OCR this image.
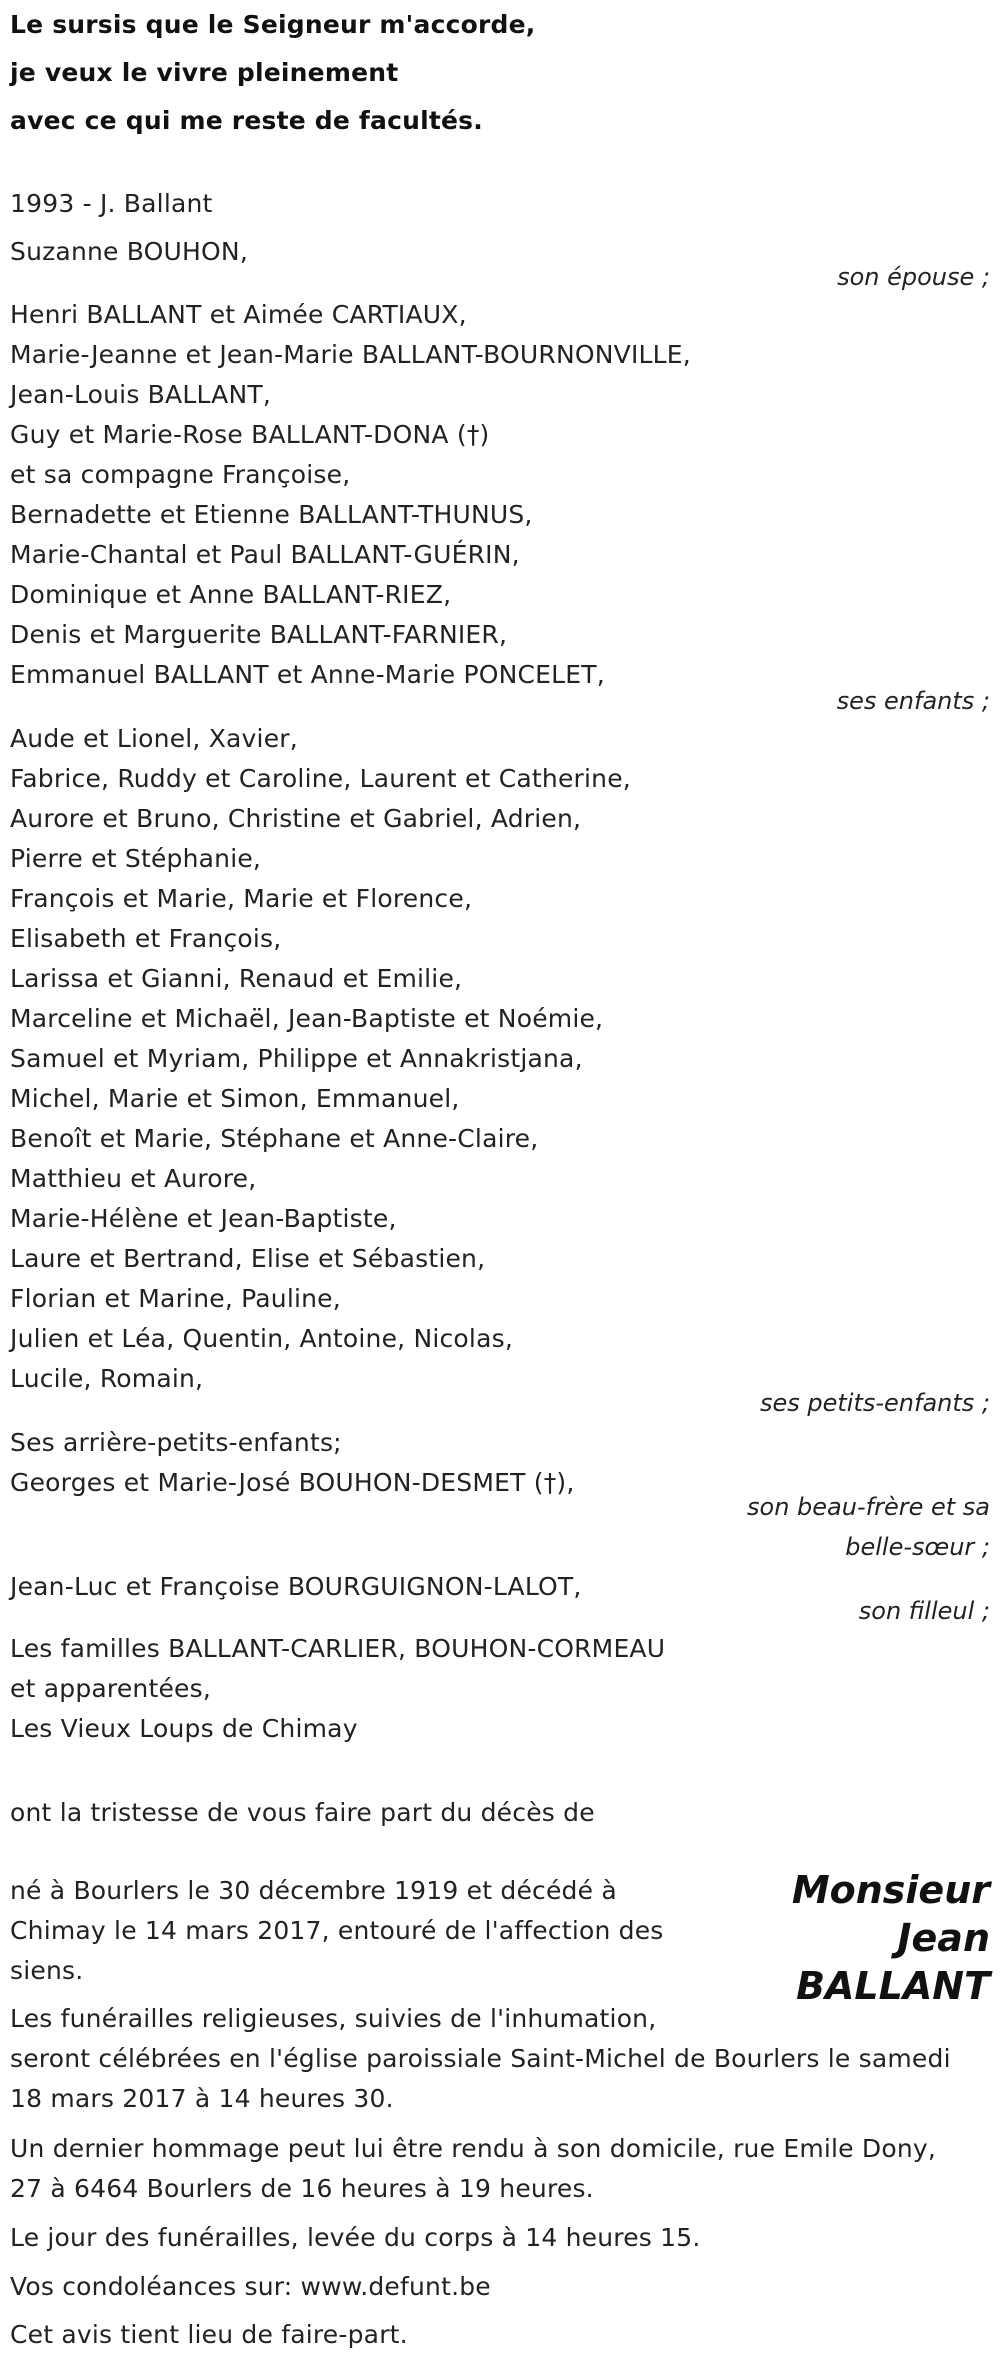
Le sursis que le Seigneur m'accorde,
je veux le vivre pleinement
avec ce qui me reste de facultés.
1993 - J. Ballant
Suzanne BOUHON,
son épouse ;
Henri BALLANT et Aimée CARTIAUX,
Marie-Jeanne et Jean-Marie BALLANT-BOURNONVILLE,
Jean-Louis BALLANT,
Guy et Marie-Rose BALLANT-DONA (†)
et sa compagne Françoise,
Bernadette et Etienne BALLANT-THUNUS,
Marie-Chantal et Paul BALLANT-GUÉRIN,
Dominique et Anne BALLANT-RIEZ,
Denis et Marguerite BALLANT-FARNIER,
Emmanuel BALLANT et Anne-Marie PONCELET,
ses enfants ;
Aude et Lionel, Xavier,
Fabrice, Ruddy et Caroline, Laurent et Catherine,
Aurore et Bruno, Christine et Gabriel, Adrien,
Pierre et Stéphanie,
François et Marie, Marie et Florence,
Elisabeth et François,
Larissa et Gianni, Renaud et Emilie,
Marceline et Michaël, Jean-Baptiste et Noémie,
Samuel et Myriam, Philippe et Annakristjana,
Michel, Marie et Simon, Emmanuel,
Benoît et Marie, Stéphane et Anne-Claire,
Matthieu et Aurore,
Marie-Hélène et Jean-Baptiste,
Laure et Bertrand, Elise et Sébastien,
Florian et Marine, Pauline,
Julien et Léa, Quentin, Antoine, Nicolas,
Lucile, Romain,
ses petits-enfants ;
Ses arrière-petits-enfants;
Georges et Marie-José BOUHON-DESMET (†),
son beau-frère et sa
belle-sœur ;
Jean-Luc et Françoise BOURGUIGNON-LALOT,
son filleul ;
Les familles BALLANT-CARLIER, BOUHON-CORMEAU
et apparentées,
Les Vieux Loups de Chimay
ont la tristesse de vous faire part du décès de
Monsieur
Jean
BALLANT
né à Bourlers le 30 décembre 1919 et décédé à
Chimay le 14 mars 2017, entouré de l'affection des
siens.
Les funérailles religieuses, suivies de l'inhumation,
seront célébrées en l'église paroissiale Saint-Michel de Bourlers le samedi
18 mars 2017 à 14 heures 30.
Un dernier hommage peut lui être rendu à son domicile, rue Emile Dony,
27 à 6464 Bourlers de 16 heures à 19 heures.
Le jour des funérailles, levée du corps à 14 heures 15.
Vos condoléances sur: www.defunt.be
Cet avis tient lieu de faire-part.
